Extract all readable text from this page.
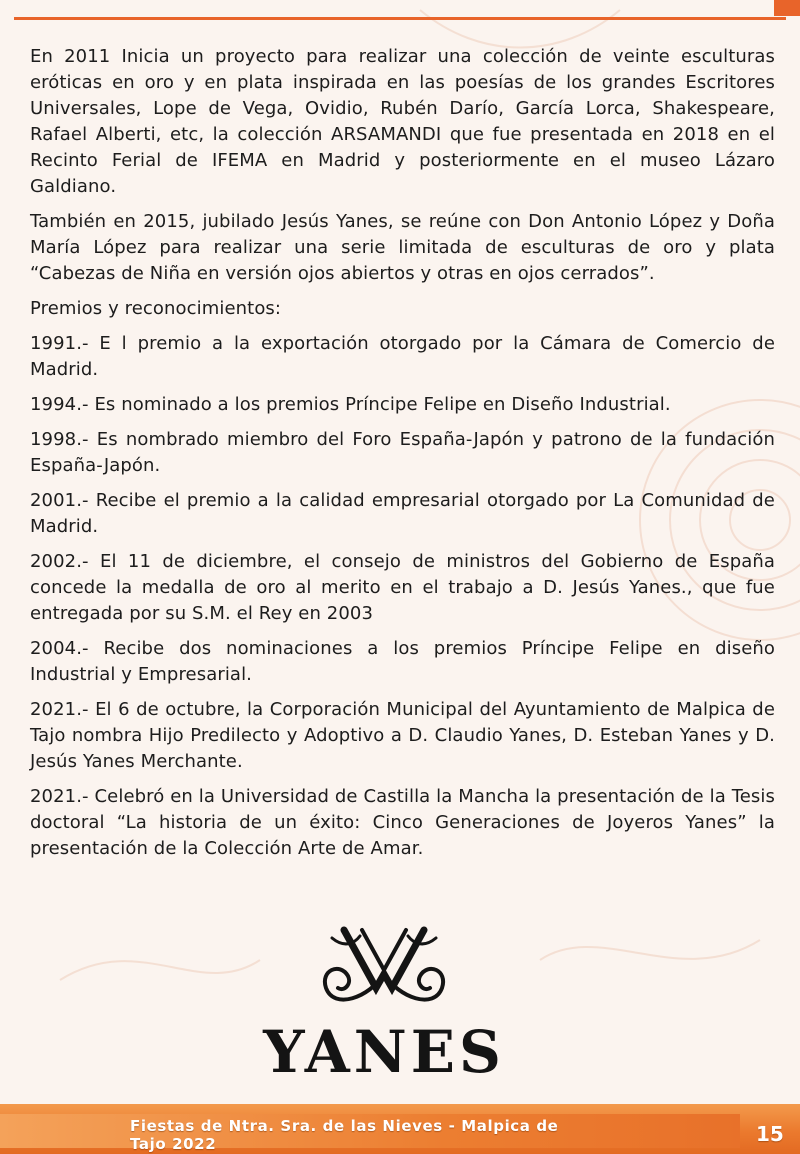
En 2011 Inicia un proyecto para realizar una colección de veinte esculturas eróticas en oro y en plata inspirada en las poesías de los grandes Escritores Universales, Lope de Vega, Ovidio, Rubén Darío, García Lorca, Shakespeare, Rafael Alberti, etc, la colección ARSAMANDI que fue presentada en 2018 en el Recinto Ferial de IFEMA en Madrid y posteriormente en el museo Lázaro Galdiano.

También en 2015, jubilado Jesús Yanes, se reúne con Don Antonio López y Doña María López para realizar una serie limitada de esculturas de oro y plata “Cabezas de Niña en versión ojos abiertos y otras en ojos cerrados”.

Premios y reconocimientos:

1991.- E l premio a la exportación otorgado por la Cámara de Comercio de Madrid.

1994.- Es nominado a los premios Príncipe Felipe en Diseño Industrial.

1998.- Es nombrado miembro del Foro España-Japón y patrono de la fundación España-Japón.

2001.- Recibe el premio a la calidad empresarial otorgado por La Comunidad de Madrid.

2002.- El 11 de diciembre, el consejo de ministros del Gobierno de España concede la medalla de oro al merito en el trabajo a D. Jesús Yanes., que fue entregada por su S.M. el Rey en 2003

2004.- Recibe dos nominaciones a los premios Príncipe Felipe en diseño Industrial y Empresarial.

2021.- El 6 de octubre, la Corporación Municipal del Ayuntamiento de Malpica de Tajo nombra Hijo Predilecto y Adoptivo a D. Claudio Yanes, D. Esteban Yanes y D. Jesús Yanes Merchante.

2021.- Celebró en la Universidad de Castilla la Mancha la presentación de la Tesis doctoral “La historia de un éxito: Cinco Generaciones de Joyeros Yanes” la presentación de la Colección Arte de Amar.

YANES
Fiestas de Ntra. Sra. de las Nieves - Malpica de Tajo 2022	15
